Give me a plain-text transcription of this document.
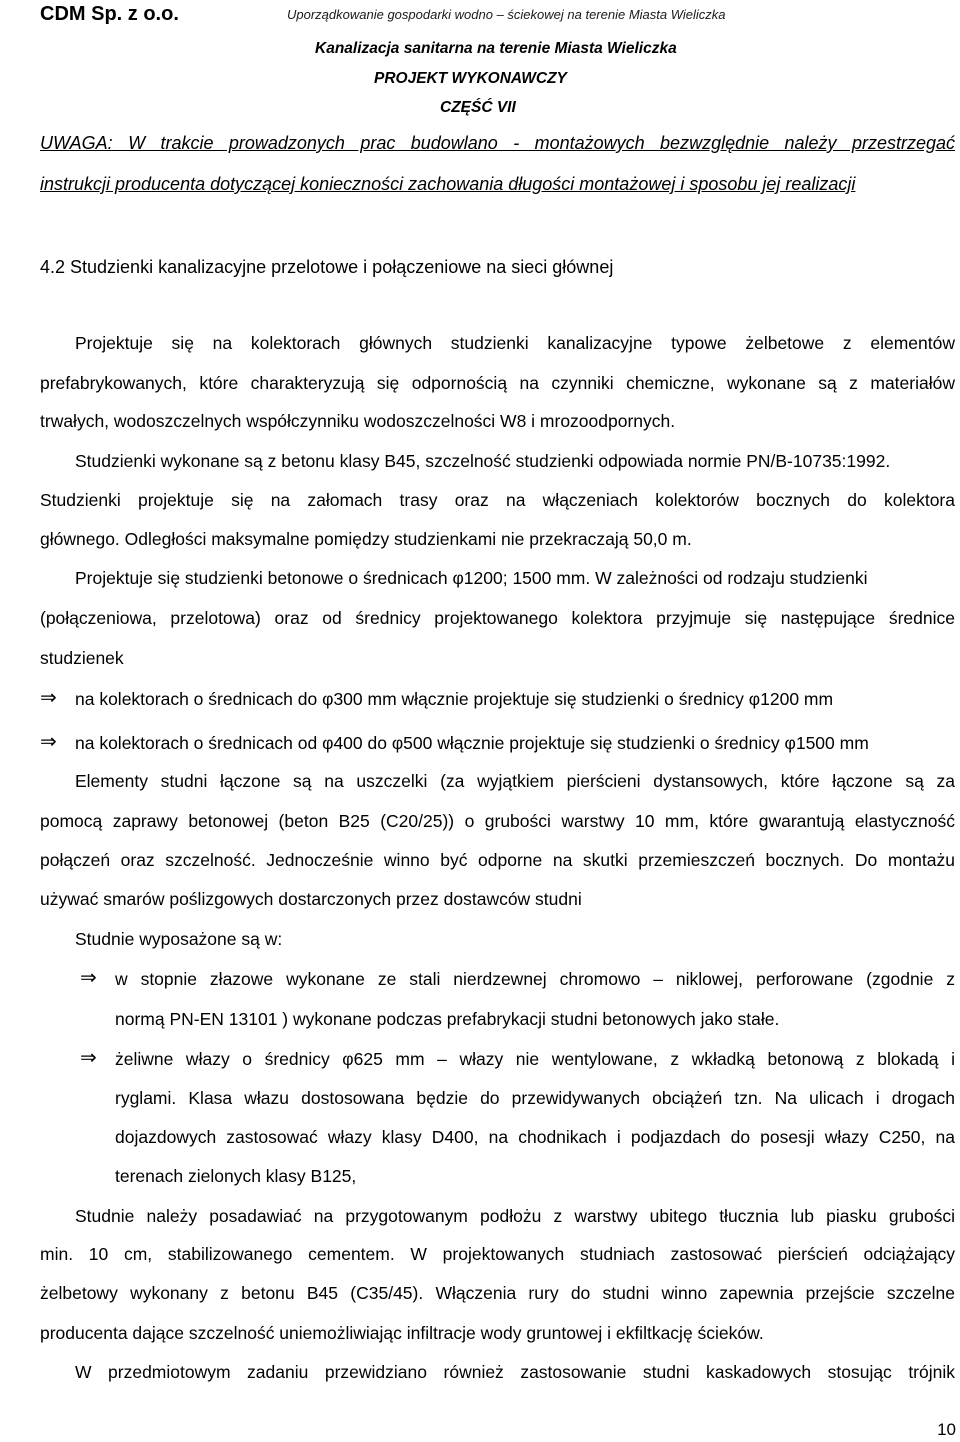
CDM Sp. z o.o.	Uporządkowanie gospodarki wodno – ściekowej na terenie Miasta Wieliczka
Kanalizacja sanitarna na terenie Miasta Wieliczka
PROJEKT WYKONAWCZY
CZĘŚĆ VII
UWAGA: W trakcie prowadzonych prac budowlano - montażowych bezwzględnie należy przestrzegać
instrukcji producenta dotyczącej konieczności zachowania długości montażowej i sposobu jej realizacji
4.2 Studzienki kanalizacyjne przelotowe i połączeniowe na sieci głównej
Projektuje się na kolektorach głównych studzienki kanalizacyjne typowe żelbetowe z elementów
prefabrykowanych, które charakteryzują się odpornością na czynniki chemiczne, wykonane są z materiałów
trwałych, wodoszczelnych współczynniku wodoszczelności W8 i mrozoodpornych.
Studzienki wykonane są z betonu klasy B45, szczelność studzienki odpowiada normie PN/B-10735:1992.
Studzienki projektuje się na załomach trasy oraz na włączeniach kolektorów bocznych do kolektora
głównego. Odległości maksymalne pomiędzy studzienkami nie przekraczają 50,0 m.
Projektuje się studzienki betonowe o średnicach φ1200; 1500 mm. W zależności od rodzaju studzienki
(połączeniowa, przelotowa) oraz od średnicy projektowanego kolektora przyjmuje się następujące średnice
studzienek
⇒ na kolektorach o średnicach do φ300 mm włącznie projektuje się studzienki o średnicy φ1200 mm
⇒ na kolektorach o średnicach od φ400 do φ500 włącznie projektuje się studzienki o średnicy φ1500 mm
Elementy studni łączone są na uszczelki (za wyjątkiem pierścieni dystansowych, które łączone są za
pomocą zaprawy betonowej (beton B25 (C20/25)) o grubości warstwy 10 mm, które gwarantują elastyczność
połączeń oraz szczelność. Jednocześnie winno być odporne na skutki przemieszczeń bocznych. Do montażu
używać smarów poślizgowych dostarczonych przez dostawców studni
Studnie wyposażone są w:
⇒ w stopnie złazowe wykonane ze stali nierdzewnej chromowo – niklowej, perforowane (zgodnie z
normą PN-EN 13101 ) wykonane podczas prefabrykacji studni betonowych jako stałe.
⇒ żeliwne włazy o średnicy φ625 mm – włazy nie wentylowane, z wkładką betonową z blokadą i
ryglami. Klasa włazu dostosowana będzie do przewidywanych obciążeń tzn. Na ulicach i drogach
dojazdowych zastosować włazy klasy D400, na chodnikach i podjazdach do posesji włazy C250, na
terenach zielonych klasy B125,
Studnie należy posadawiać na przygotowanym podłożu z warstwy ubitego tłucznia lub piasku grubości
min. 10 cm, stabilizowanego cementem. W projektowanych studniach zastosować pierścień odciążający
żelbetowy wykonany z betonu B45 (C35/45). Włączenia rury do studni winno zapewnia przejście szczelne
producenta dające szczelność uniemożliwiając infiltracje wody gruntowej i ekfiltkację ścieków.
W przedmiotowym zadaniu przewidziano również zastosowanie studni kaskadowych stosując trójnik
10
